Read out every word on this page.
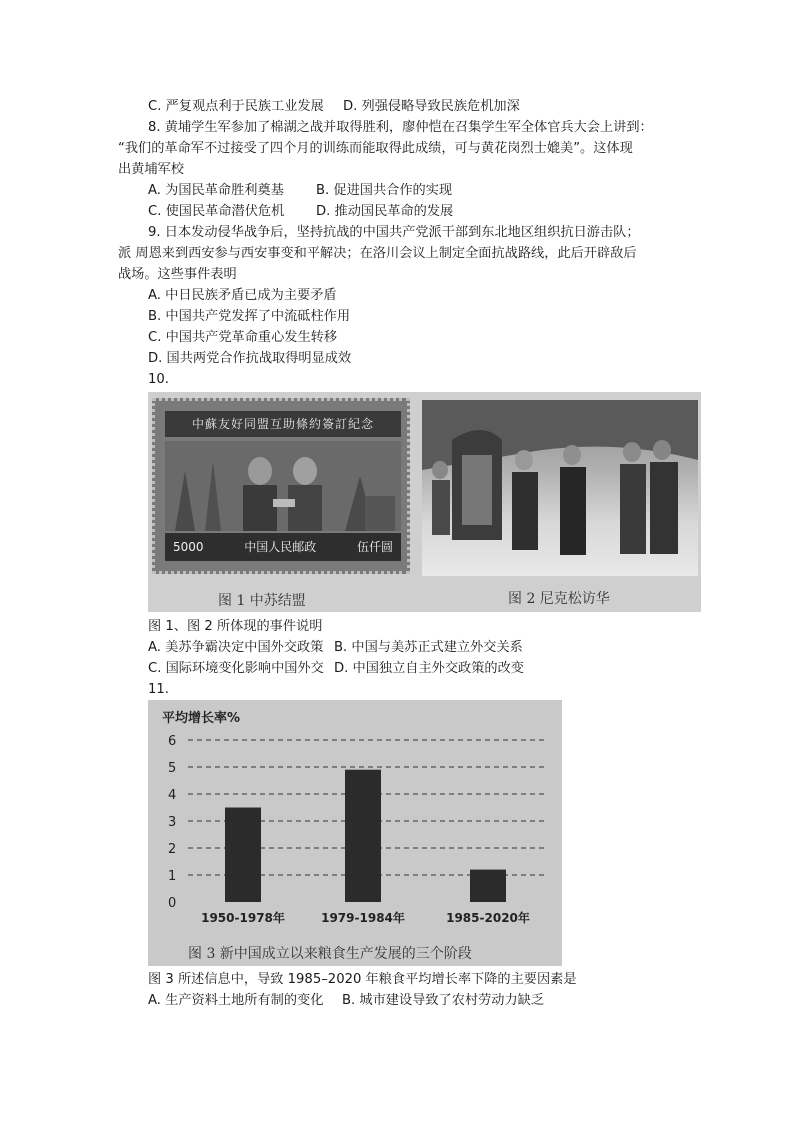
C. 严复观点利于民族工业发展 D. 列强侵略导致民族危机加深
8. 黄埔学生军参加了棉湖之战并取得胜利，廖仲恺在召集学生军全体官兵大会上讲到：
“我们的革命军不过接受了四个月的训练而能取得此成绩，可与黄花岗烈士媲美”。这体现
出黄埔军校
A. 为国民革命胜利奠基 B. 促进国共合作的实现
C. 使国民革命潜伏危机 D. 推动国民革命的发展
9. 日本发动侵华战争后，坚持抗战的中国共产党派干部到东北地区组织抗日游击队；
派 周恩来到西安参与西安事变和平解决；在洛川会议上制定全面抗战路线，此后开辟敌后
战场。这些事件表明
A. 中日民族矛盾已成为主要矛盾
B. 中国共产党发挥了中流砥柱作用
C. 中国共产党革命重心发生转移
D. 国共两党合作抗战取得明显成效
10.
中蘇友好同盟互助條約簽訂紀念
5000	中国人民邮政	伍仟圆
图 1 中苏结盟	图 2 尼克松访华
图 1、图 2 所体现的事件说明
A. 美苏争霸决定中国外交政策 B. 中国与美苏正式建立外交关系
C. 国际环境变化影响中国外交 D. 中国独立自主外交政策的改变
11.
平均增长率%
0
1
2
3
4
5
6
1950-1978年	1979-1984年	1985-2020年
图 3 新中国成立以来粮食生产发展的三个阶段
图 3 所述信息中，导致 1985–2020 年粮食平均增长率下降的主要因素是
A. 生产资料土地所有制的变化 B. 城市建设导致了农村劳动力缺乏
